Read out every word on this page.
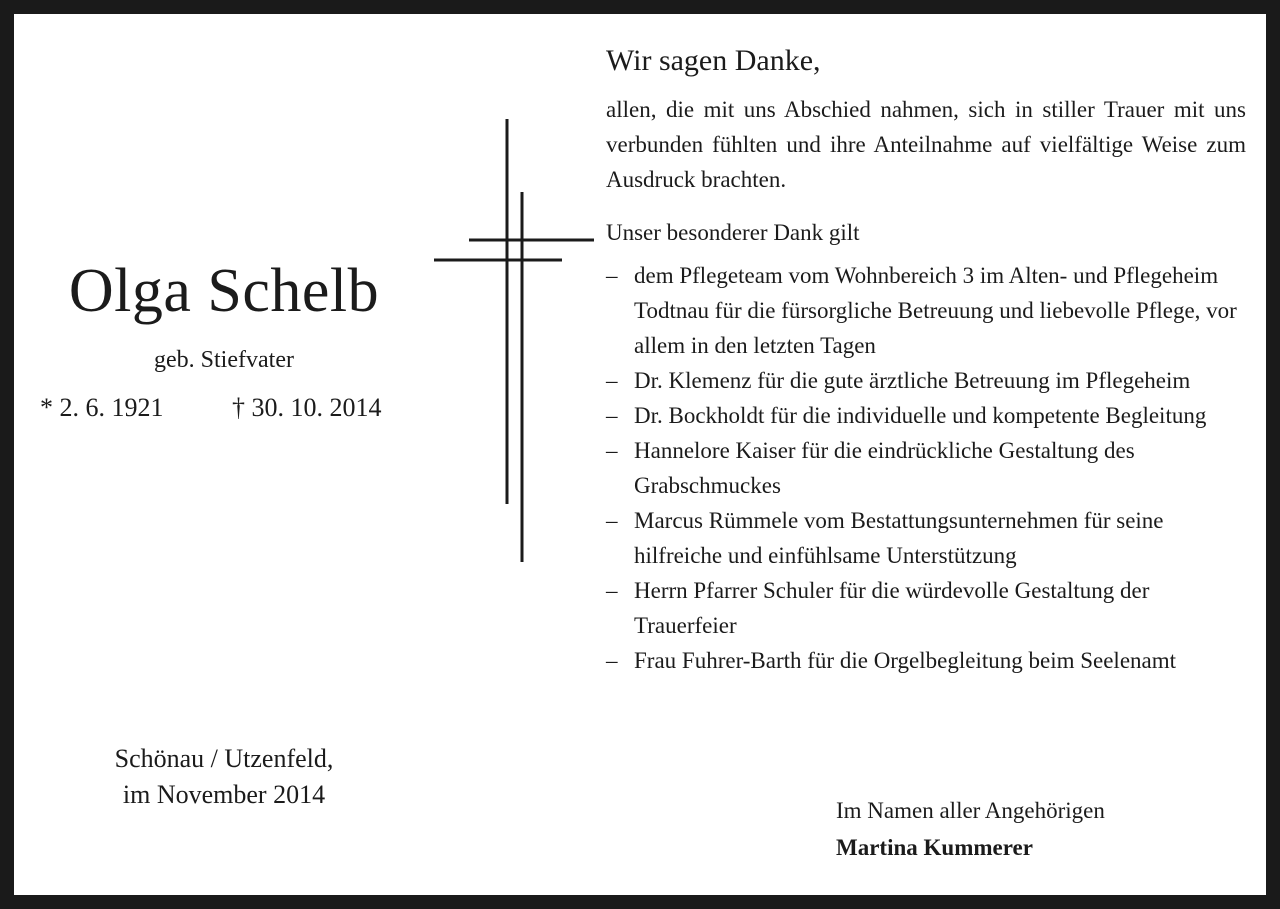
Olga Schelb
geb. Stiefvater
* 2. 6. 1921	† 30. 10. 2014
Schönau / Utzenfeld,
im November 2014
Wir sagen Danke,

allen, die mit uns Abschied nahmen, sich in stiller Trauer mit uns verbunden fühlten und ihre Anteilnahme auf vielfältige Weise zum Ausdruck brachten.

Unser besonderer Dank gilt
– dem Pflegeteam vom Wohnbereich 3 im Alten- und Pflegeheim Todtnau für die fürsorgliche Betreuung und liebevolle Pflege, vor allem in den letzten Tagen
– Dr. Klemenz für die gute ärztliche Betreuung im Pflegeheim
– Dr. Bockholdt für die individuelle und kompetente Begleitung
– Hannelore Kaiser für die eindrückliche Gestaltung des Grabschmuckes
– Marcus Rümmele vom Bestattungsunternehmen für seine hilfreiche und einfühlsame Unterstützung
– Herrn Pfarrer Schuler für die würdevolle Gestaltung der Trauerfeier
– Frau Fuhrer-Barth für die Orgelbegleitung beim Seelenamt
Im Namen aller Angehörigen
Martina Kummerer
